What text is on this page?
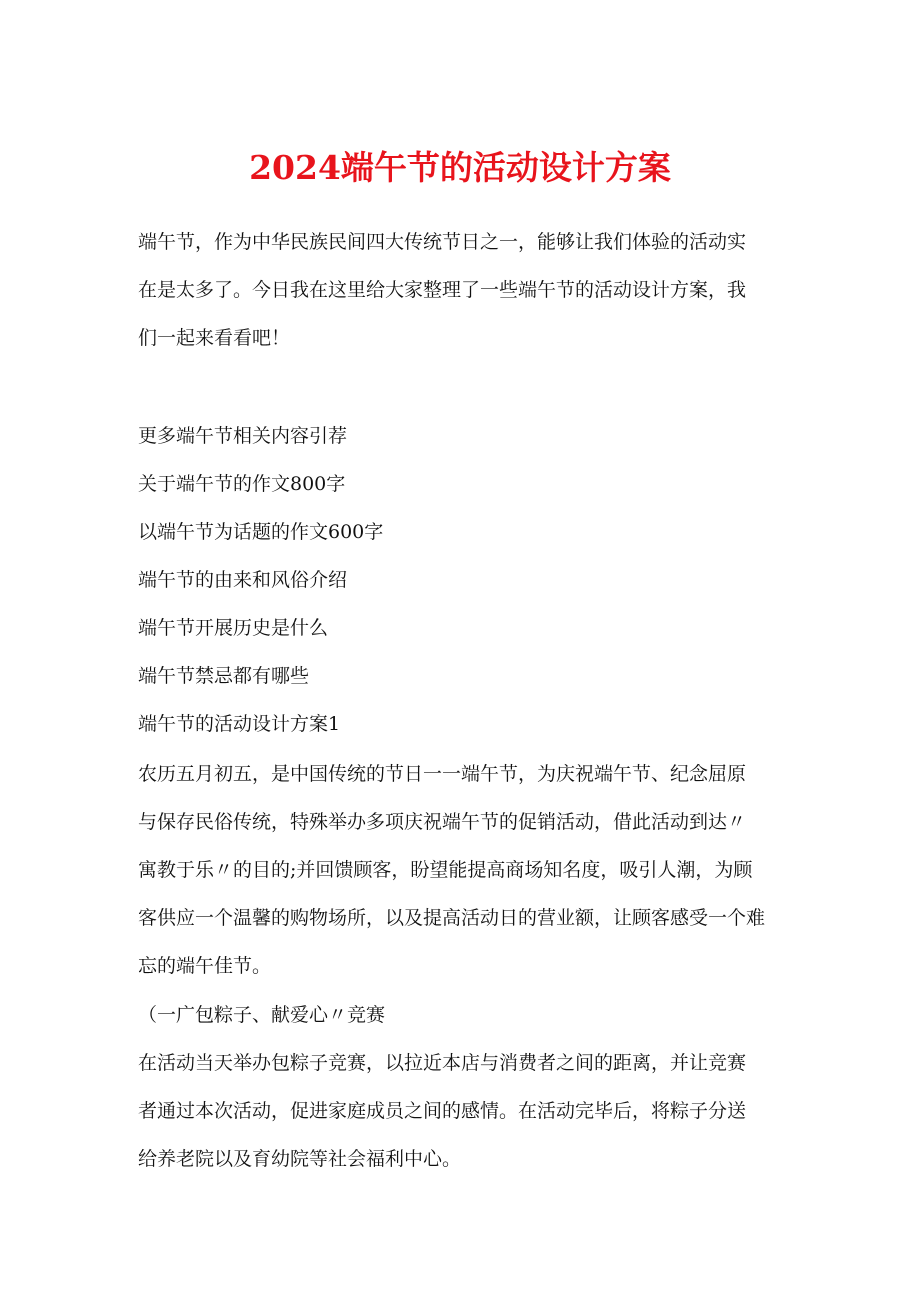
2024端午节的活动设计方案
端午节，作为中华民族民间四大传统节日之一，能够让我们体验的活动实
在是太多了。今日我在这里给大家整理了一些端午节的活动设计方案，我
们一起来看看吧！
更多端午节相关内容引荐
关于端午节的作文800字
以端午节为话题的作文600字
端午节的由来和风俗介绍
端午节开展历史是什么
端午节禁忌都有哪些
端午节的活动设计方案1
农历五月初五，是中国传统的节日一一端午节，为庆祝端午节、纪念屈原
与保存民俗传统，特殊举办多项庆祝端午节的促销活动，借此活动到达〃
寓教于乐〃的目的;并回馈顾客，盼望能提高商场知名度，吸引人潮，为顾
客供应一个温馨的购物场所，以及提高活动日的营业额，让顾客感受一个难
忘的端午佳节。
（一广包粽子、献爱心〃竞赛
在活动当天举办包粽子竞赛，以拉近本店与消费者之间的距离，并让竞赛
者通过本次活动，促进家庭成员之间的感情。在活动完毕后，将粽子分送
给养老院以及育幼院等社会福利中心。
